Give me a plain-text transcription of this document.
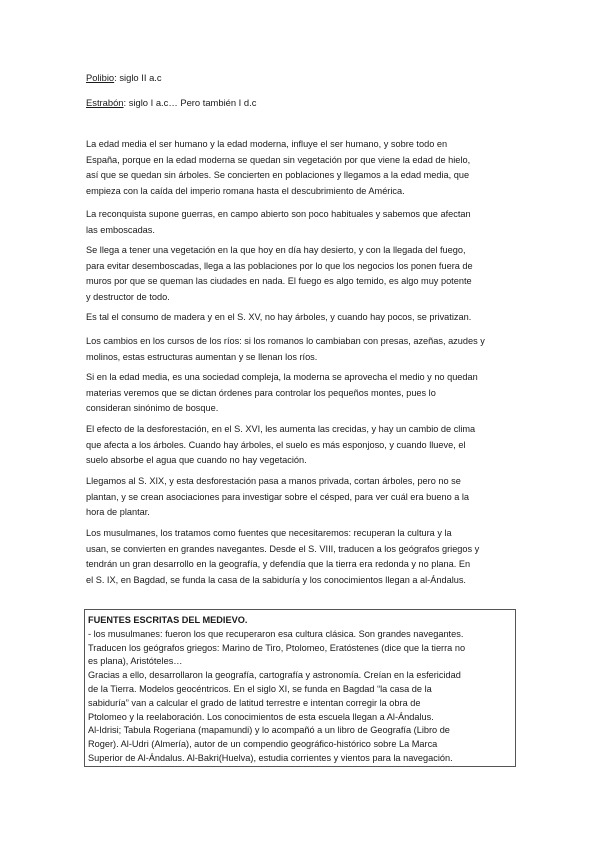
Polibio: siglo II a.c
Estrabón: siglo I a.c… Pero también I d.c
La edad media el ser humano y la edad moderna, influye el ser humano, y sobre todo en
España, porque en la edad moderna se quedan sin vegetación por que viene la edad de hielo,
así que se quedan sin árboles. Se concierten en poblaciones y llegamos a la edad media, que
empieza con la caída del imperio romana hasta el descubrimiento de América.
La reconquista supone guerras, en campo abierto son poco habituales y sabemos que afectan
las emboscadas.
Se llega a tener una vegetación en la que hoy en día hay desierto, y con la llegada del fuego,
para evitar desemboscadas, llega a las poblaciones por lo que los negocios los ponen fuera de
muros por que se queman las ciudades en nada. El fuego es algo temido, es algo muy potente
y destructor de todo.
Es tal el consumo de madera y en el S. XV, no hay árboles, y cuando hay pocos, se privatizan.
Los cambios en los cursos de los ríos: si los romanos lo cambiaban con presas, azeñas, azudes y
molinos, estas estructuras aumentan y se llenan los ríos.
Si en la edad media, es una sociedad compleja, la moderna se aprovecha el medio y no quedan
materias veremos que se dictan órdenes para controlar los pequeños montes, pues lo
consideran sinónimo de bosque.
El efecto de la desforestación, en el S. XVI, les aumenta las crecidas, y hay un cambio de clima
que afecta a los árboles. Cuando hay árboles, el suelo es más esponjoso, y cuando llueve, el
suelo absorbe el agua que cuando no hay vegetación.
Llegamos al S. XIX, y esta desforestación pasa a manos privada, cortan árboles, pero no se
plantan, y se crean asociaciones para investigar sobre el césped, para ver cuál era bueno a la
hora de plantar.
Los musulmanes, los tratamos como fuentes que necesitaremos: recuperan la cultura y la
usan, se convierten en grandes navegantes. Desde el S. VIII, traducen a los geógrafos griegos y
tendrán un gran desarrollo en la geografía, y defendía que la tierra era redonda y no plana. En
el S. IX, en Bagdad, se funda la casa de la sabiduría y los conocimientos llegan a al-Ándalus.
FUENTES ESCRITAS DEL MEDIEVO.
- los musulmanes: fueron los que recuperaron esa cultura clásica. Son grandes navegantes.
Traducen los geógrafos griegos: Marino de Tiro, Ptolomeo, Eratóstenes (dice que la tierra no
es plana), Aristóteles…
Gracias a ello, desarrollaron la geografía, cartografía y astronomía. Creían en la esfericidad
de la Tierra. Modelos geocéntricos. En el siglo XI, se funda en Bagdad “la casa de la
sabiduría” van a calcular el grado de latitud terrestre e intentan corregir la obra de
Ptolomeo y la reelaboración. Los conocimientos de esta escuela llegan a Al-Ándalus.
Al-Idrisi; Tabula Rogeriana (mapamundi) y lo acompañó a un libro de Geografía (Libro de
Roger). Al-Udri (Almería), autor de un compendio geográfico-histórico sobre La Marca
Superior de Al-Ándalus. Al-Bakri(Huelva), estudia corrientes y vientos para la navegación.
